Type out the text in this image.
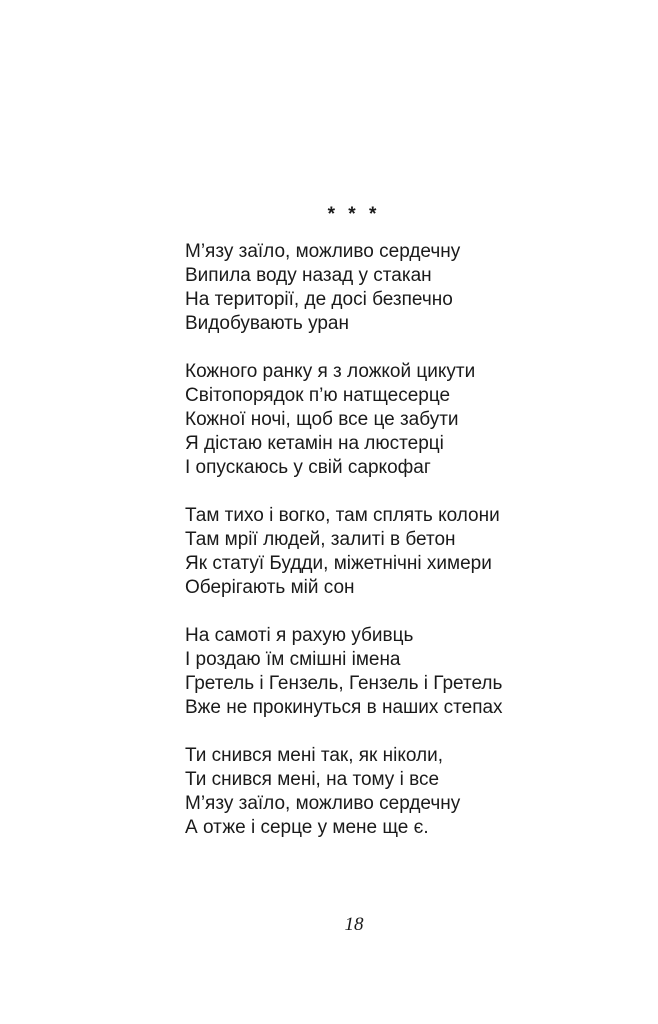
* * *
М’язу заїло, можливо сердечну
Випила воду назад у стакан
На території, де досі безпечно
Видобувають уран
Кожного ранку я з ложкой цикути
Світопорядок п’ю натщесерце
Кожної ночі, щоб все це забути
Я дістаю кетамін на люстерці
І опускаюсь у свій саркофаг
Там тихо і вогко, там сплять колони
Там мрії людей, залиті в бетон
Як статуї Будди, міжетнічні химери
Оберігають мій сон
На самоті я рахую убивць
І роздаю їм смішні імена
Гретель і Гензель, Гензель і Гретель
Вже не прокинуться в наших степах
Ти снився мені так, як ніколи,
Ти снився мені, на тому і все
М’язу заїло, можливо сердечну
А отже і серце у мене ще є.
18
